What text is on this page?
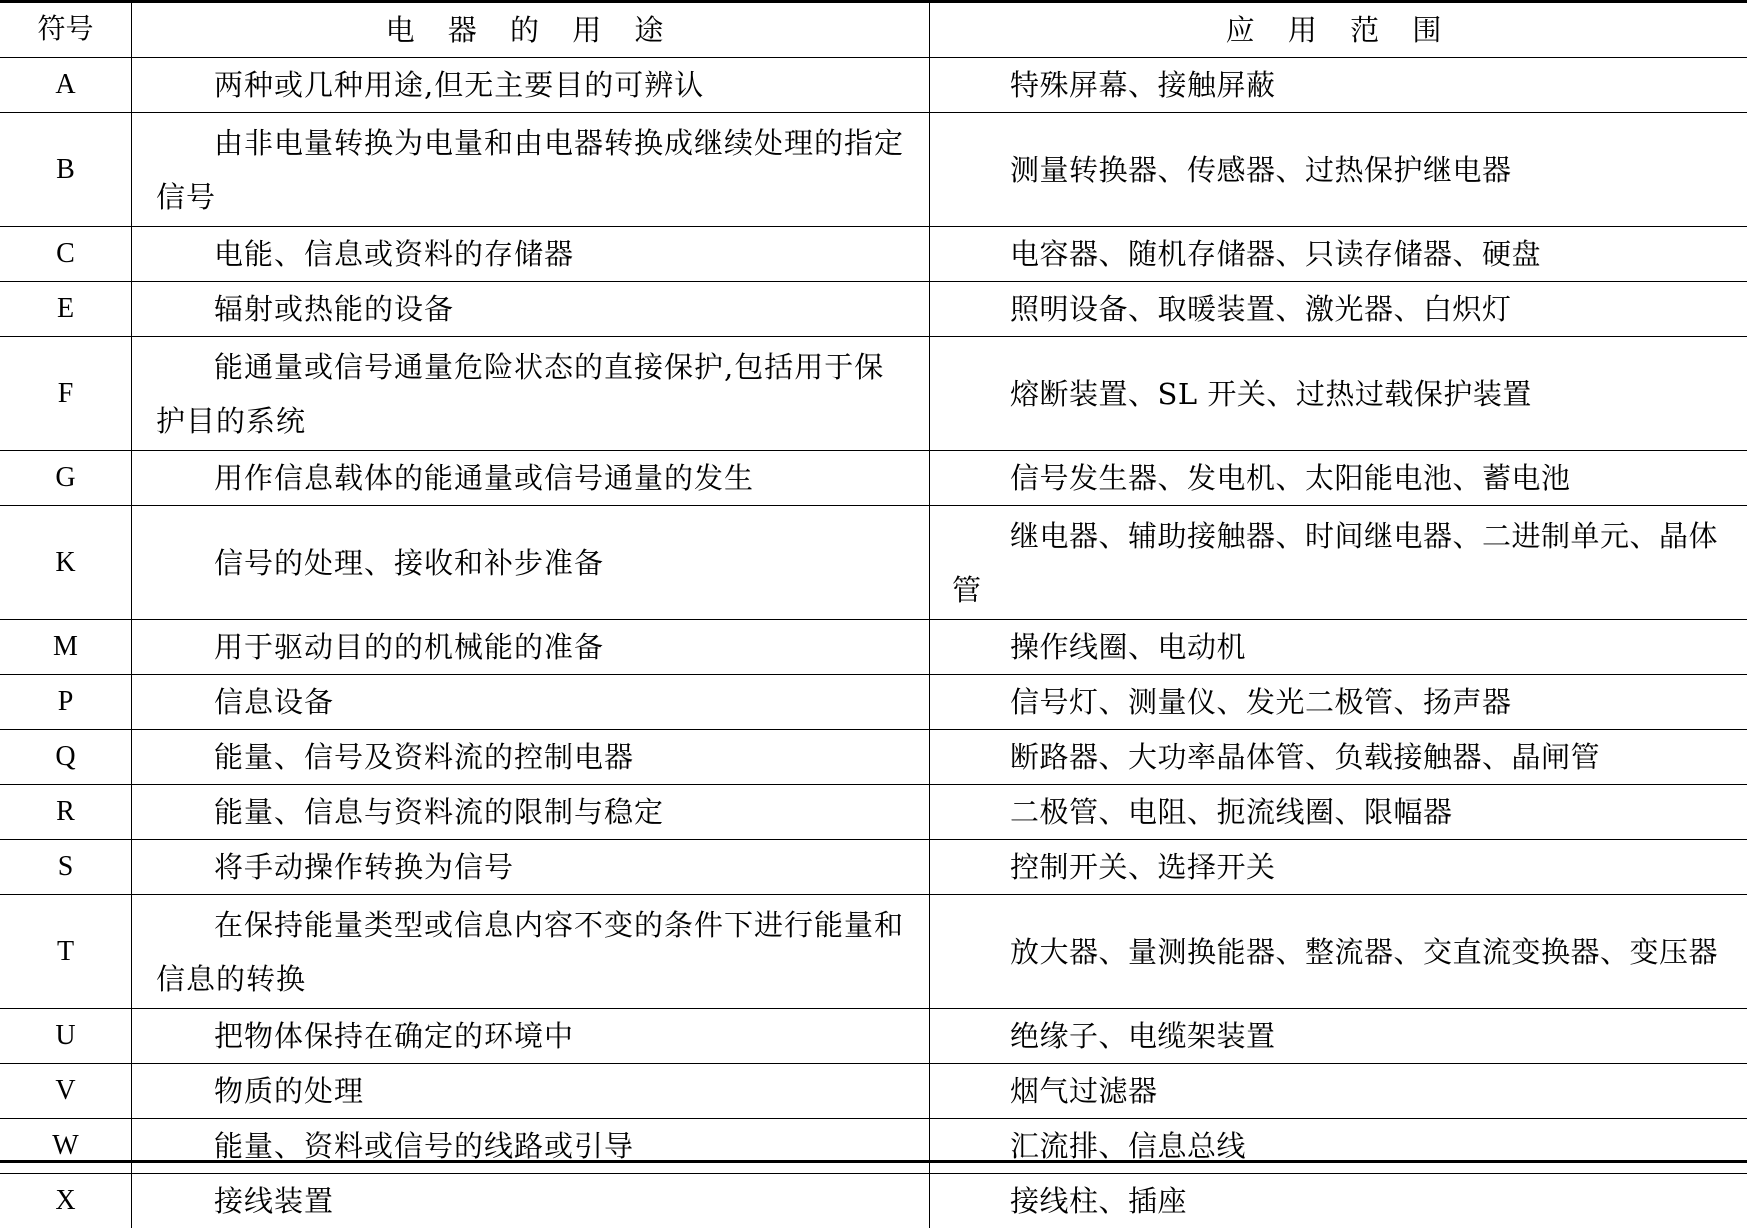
符号	电 器 的 用 途	应 用 范 围
A	两种或几种用途,但无主要目的可辨认	特殊屏幕、接触屏蔽

B	由非电量转换为电量和由电器转换成继续处理的指定信号	测量转换器、传感器、过热保护继电器

C	电能、信息或资料的存储器	电容器、随机存储器、只读存储器、硬盘

E	辐射或热能的设备	照明设备、取暖装置、激光器、白炽灯

F	能通量或信号通量危险状态的直接保护,包括用于保护目的系统	熔断装置、SL 开关、过热过载保护装置

G	用作信息载体的能通量或信号通量的发生	信号发生器、发电机、太阳能电池、蓄电池

K	信号的处理、接收和补步准备	继电器、辅助接触器、时间继电器、二进制单元、晶体管

M	用于驱动目的的机械能的准备	操作线圈、电动机

P	信息设备	信号灯、测量仪、发光二极管、扬声器

Q	能量、信号及资料流的控制电器	断路器、大功率晶体管、负载接触器、晶闸管

R	能量、信息与资料流的限制与稳定	二极管、电阻、扼流线圈、限幅器

S	将手动操作转换为信号	控制开关、选择开关

T	在保持能量类型或信息内容不变的条件下进行能量和信息的转换	放大器、量测换能器、整流器、交直流变换器、变压器

U	把物体保持在确定的环境中	绝缘子、电缆架装置

V	物质的处理	烟气过滤器

W	能量、资料或信号的线路或引导	汇流排、信息总线

X	接线装置	接线柱、插座
